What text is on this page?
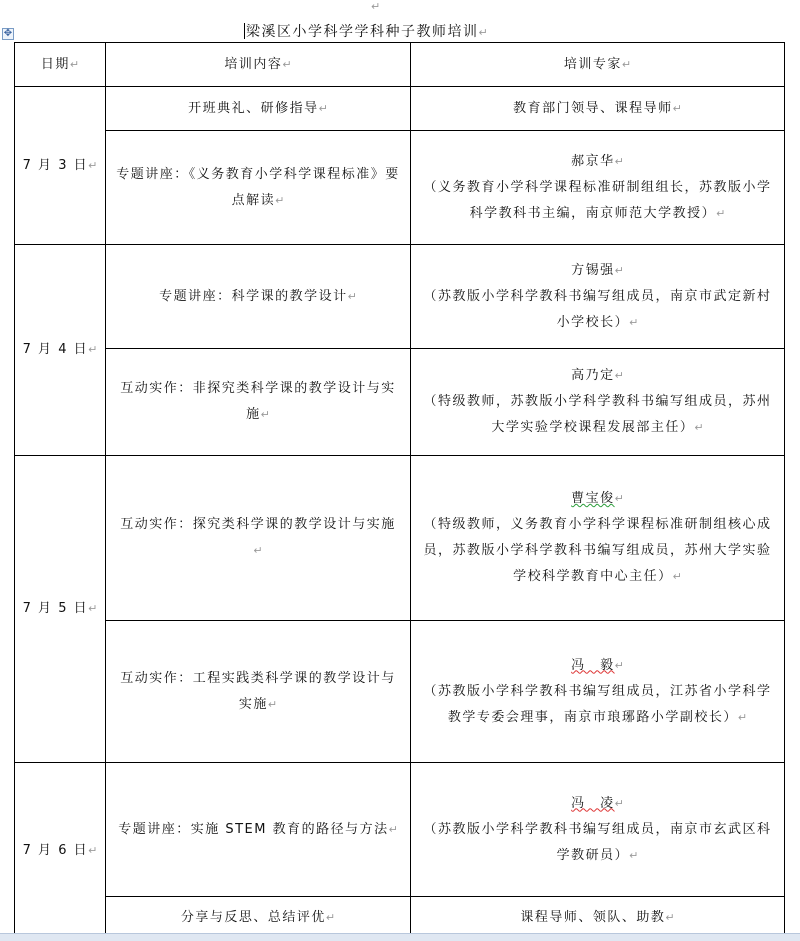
↵
✥	梁溪区小学科学学科种子教师培训↵
日期↵	培训内容↵	培训专家↵
7 月 3 日↵	开班典礼、研修指导↵	教育部门领导、课程导师↵
	专题讲座：《义务教育小学科学课程标准》要点解读↵	郝京华↵
（义务教育小学科学课程标准研制组组长，苏教版小学科学教科书主编，南京师范大学教授）↵

7 月 4 日↵	专题讲座：科学课的教学设计↵	方锡强↵
（苏教版小学科学教科书编写组成员，南京市武定新村小学校长）↵

	互动实作：非探究类科学课的教学设计与实施↵	高乃定↵
（特级教师，苏教版小学科学教科书编写组成员，苏州大学实验学校课程发展部主任）↵

7 月 5 日↵	互动实作：探究类科学课的教学设计与实施↵	曹宝俊↵
（特级教师，义务教育小学科学课程标准研制组核心成员，苏教版小学科学教科书编写组成员，苏州大学实验学校科学教育中心主任）↵

	互动实作：工程实践类科学课的教学设计与实施↵	冯　毅↵
（苏教版小学科学教科书编写组成员，江苏省小学科学教学专委会理事，南京市琅琊路小学副校长）↵

7 月 6 日↵	专题讲座：实施 STEM 教育的路径与方法↵	冯　凌↵
（苏教版小学科学教科书编写组成员，南京市玄武区科学教研员）↵

	分享与反思、总结评优↵	课程导师、领队、助教↵
